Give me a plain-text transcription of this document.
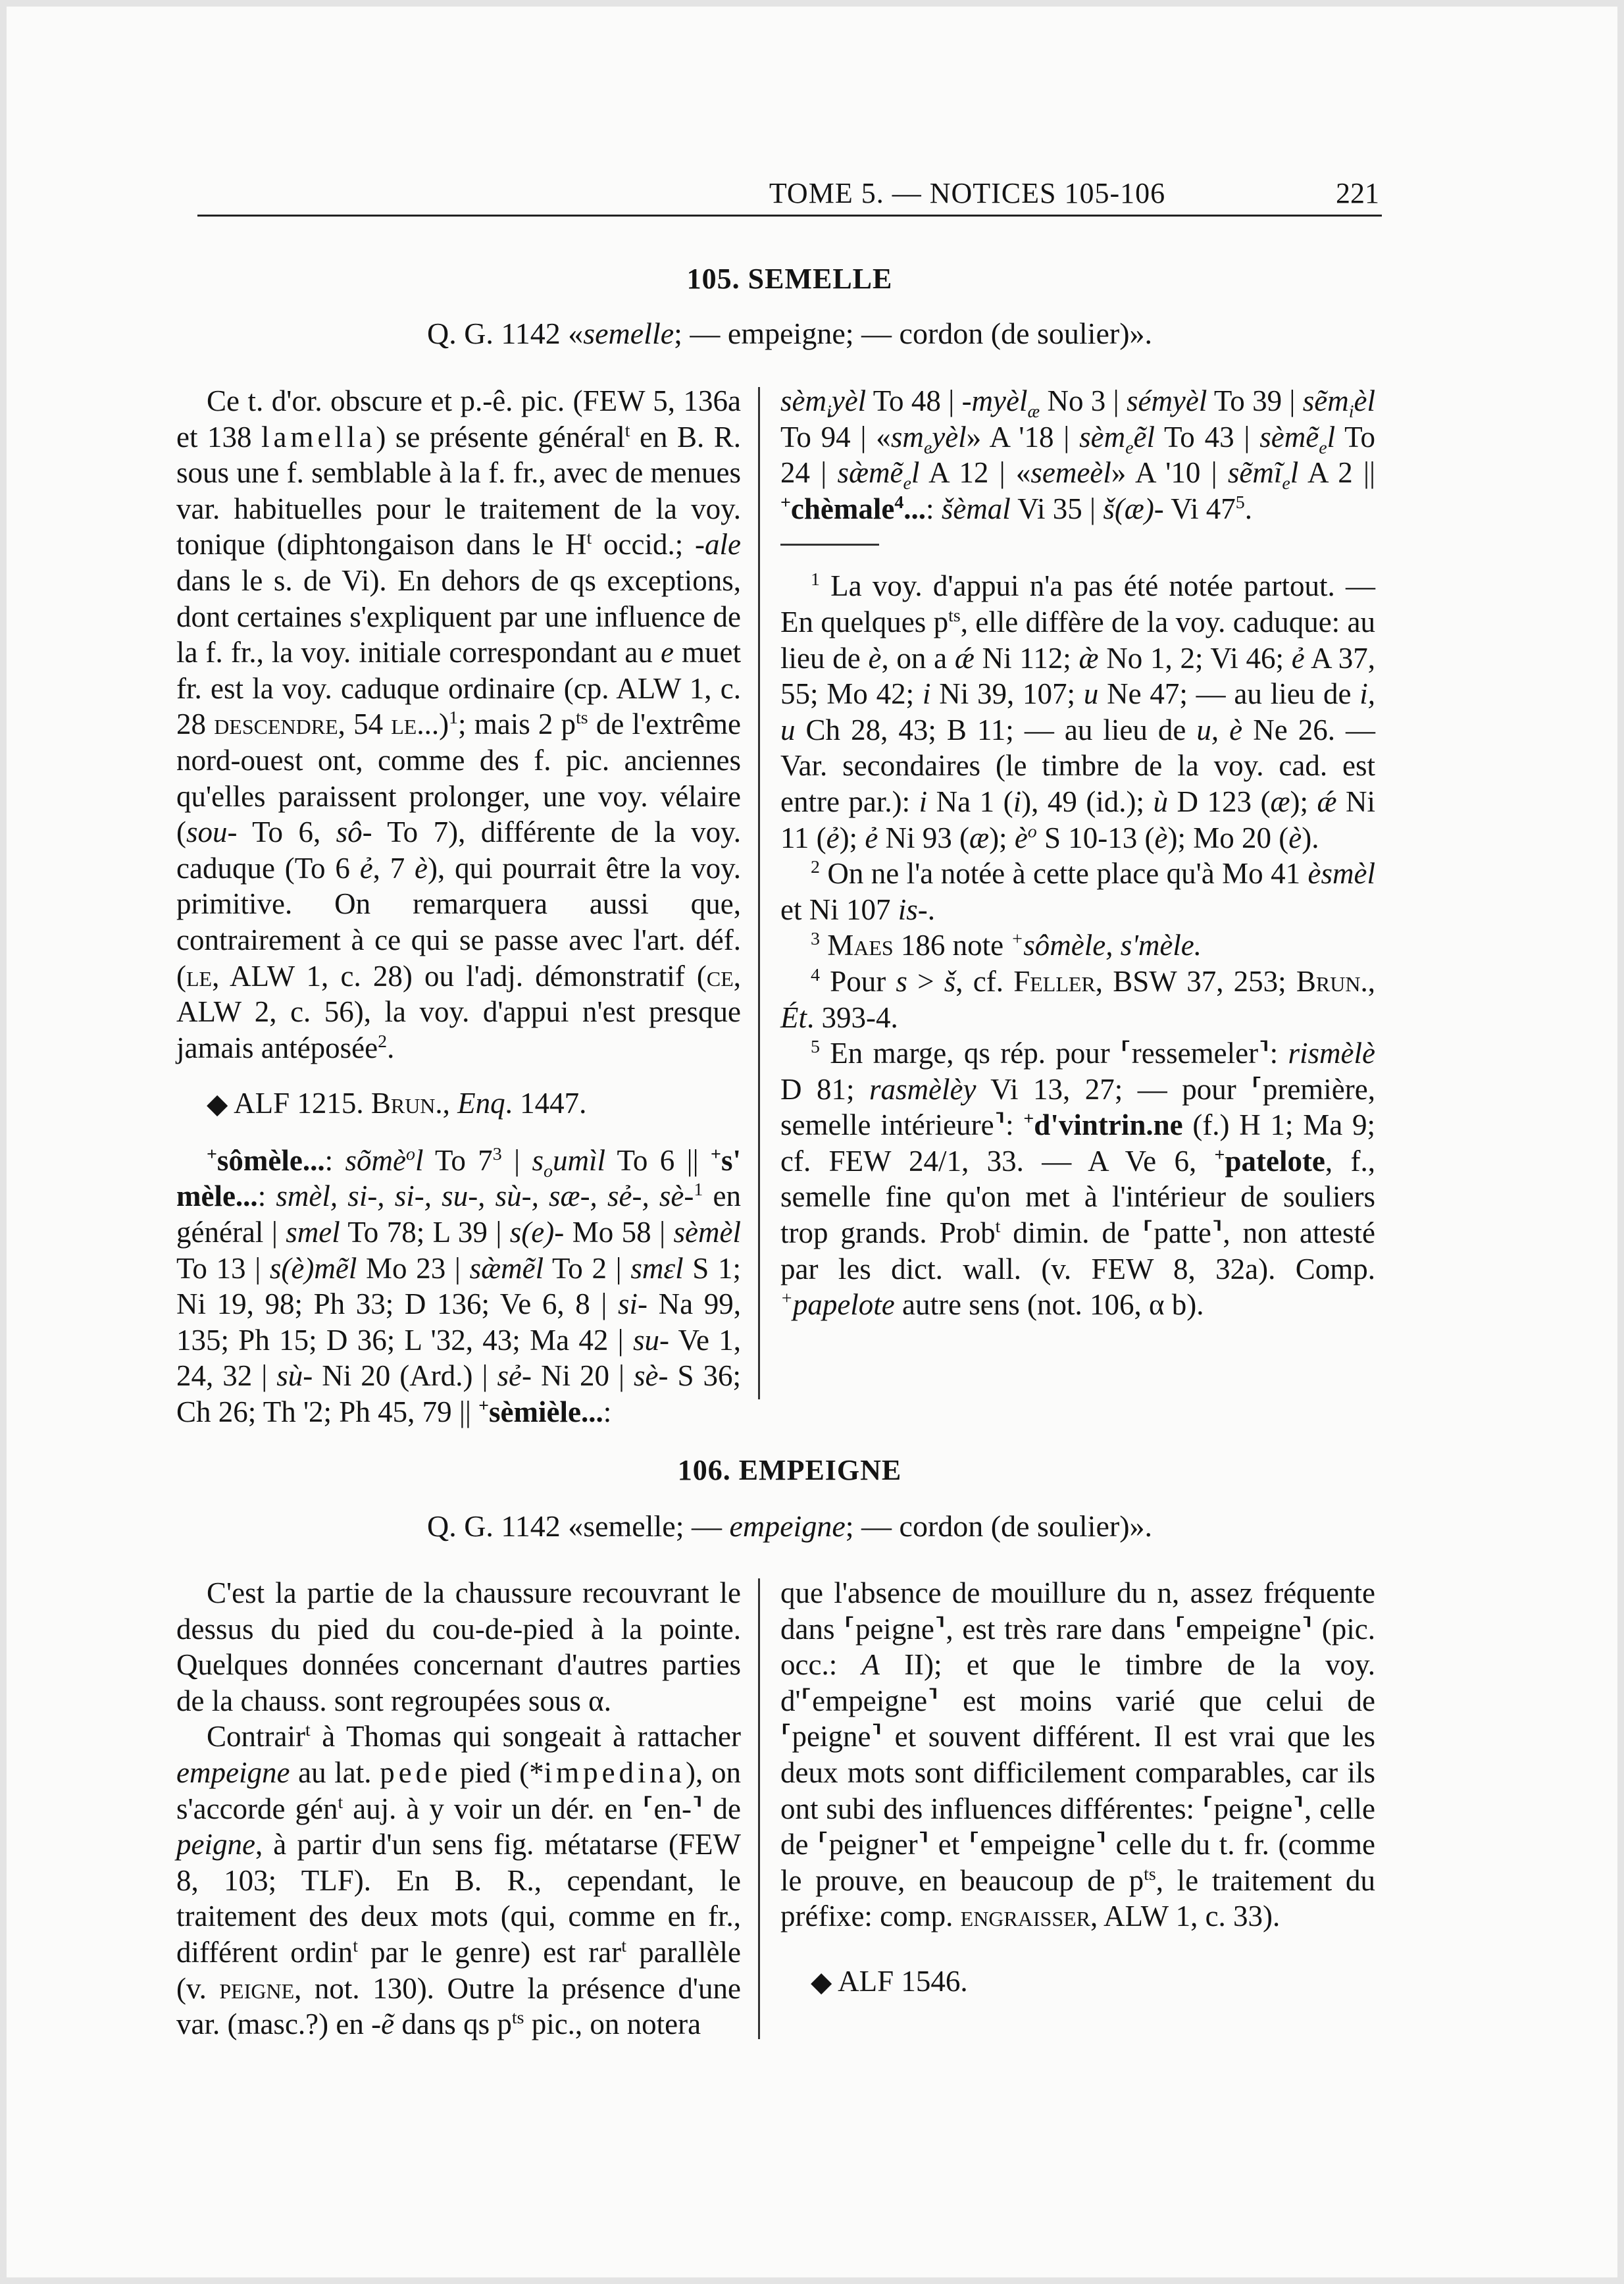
TOME 5. — NOTICES 105-106	221
105. SEMELLE
Q. G. 1142 «semelle; — empeigne; — cordon (de soulier)».

Ce t. d'or. obscure et p.-ê. pic. (FEW 5, 136a et 138 lamella) se présente général$^t$ en B. R. sous une f. semblable à la f. fr., avec de menues var. habituelles pour le traitement de la voy. tonique (diphtongaison dans le $H^t$ occid.; -ale dans le s. de Vi). En dehors de qs exceptions, dont certaines s'expliquent par une influence de la f. fr., la voy. initiale correspondant au e muet fr. est la voy. caduque ordinaire (cp. ALW 1, c. 28 descendre, 54 le...)$^1$; mais 2 $p^{ts}$ de l'extrême nord-ouest ont, comme des f. pic. anciennes qu'elles paraissent prolonger, une voy. vélaire (sou- To 6, sô- To 7), différente de la voy. caduque (To 6 ẻ, 7 è), qui pourrait être la voy. primitive. On remarquera aussi que, contrairement à ce qui se passe avec l'art. déf. (le, ALW 1, c. 28) ou l'adj. démonstratif (ce, ALW 2, c. 56), la voy. d'appui n'est presque jamais antéposée$^2$.

◆ ALF 1215. Brun., Enq. 1447.

+sômèle...: sõmè$^o$l To $7^3$ | $s_oumìl$ To 6 || +s' mèle...: smèl, si-, si-, su-, sù-, sæ-, sẻ-, sè-$^1$ en général | smel To 78; L 39 | s(e)- Mo 58 | sèmèl To 13 | s(è)mẽl Mo 23 | sæ̀mẽl To 2 | smɛl S 1; Ni 19, 98; Ph 33; D 136; Ve 6, 8 | si- Na 99, 135; Ph 15; D 36; L '32, 43; Ma 42 | su- Ve 1, 24, 32 | sù- Ni 20 (Ard.) | sẻ- Ni 20 | sè- S 36; Ch 26; Th '2; Ph 45, 79 || +sèmièle...:

sèm$_i$yèl To 48 | -myèl$_æ$ No 3 | sémyèl To 39 | sẽm$_i$èl To 94 | «$sm_eyèl$» A '18 | sèm$_e$ẽl To 43 | sèmẽ$_e$l To 24 | sæ̀mẽ$_e$l A 12 | «semeèl» A '10 | sẽmĩ$_e$l A 2 || +chèmale$^4$...: šèmal Vi 35 | š(æ)- Vi $47^5$.

$^1$ La voy. d'appui n'a pas été notée partout. — En quelques $p^{ts}$, elle diffère de la voy. caduque: au lieu de è, on a ǽ Ni 112; æ̀ No 1, 2; Vi 46; ẻ A 37, 55; Mo 42; i Ni 39, 107; u Ne 47; — au lieu de i, u Ch 28, 43; B 11; — au lieu de u, è Ne 26. — Var. secondaires (le timbre de la voy. cad. est entre par.): i Na 1 (i), 49 (id.); ù D 123 (æ); ǽ Ni 11 (ẻ); ẻ Ni 93 (æ); $è^o$ S 10-13 (è); Mo 20 (è).

$^2$ On ne l'a notée à cette place qu'à Mo 41 èsmèl et Ni 107 is-.

$^3$ Maes 186 note +sômèle, s'mèle.

$^4$ Pour s > š, cf. Feller, BSW 37, 253; Brun., Ét. 393-4.

$^5$ En marge, qs rép. pour ⸢ressemeler⸣: rismèlè D 81; rasmèlèy Vi 13, 27; — pour ⸢première, semelle intérieure⸣: +d'vintrin.ne (f.) H 1; Ma 9; cf. FEW 24/1, 33. — A Ve 6, +patelote, f., semelle fine qu'on met à l'intérieur de souliers trop grands. Prob$^t$ dimin. de ⸢patte⸣, non attesté par les dict. wall. (v. FEW 8, 32a). Comp. +papelote autre sens (not. 106, α b).

106. EMPEIGNE
Q. G. 1142 «semelle; — empeigne; — cordon (de soulier)».

C'est la partie de la chaussure recouvrant le dessus du pied du cou-de-pied à la pointe. Quelques données concernant d'autres parties de la chauss. sont regroupées sous α.

Contrair$^t$ à Thomas qui songeait à rattacher empeigne au lat. pede pied (*impedina), on s'accorde gén$^t$ auj. à y voir un dér. en ⸢en-⸣ de peigne, à partir d'un sens fig. métatarse (FEW 8, 103; TLF). En B. R., cependant, le traitement des deux mots (qui, comme en fr., différent ordin$^t$ par le genre) est rar$^t$ parallèle (v. peigne, not. 130). Outre la présence d'une var. (masc.?) en -ẽ dans qs $p^{ts}$ pic., on notera

que l'absence de mouillure du n, assez fréquente dans ⸢peigne⸣, est très rare dans ⸢empeigne⸣ (pic. occ.: A II); et que le timbre de la voy. d'⸢empeigne⸣ est moins varié que celui de ⸢peigne⸣ et souvent différent. Il est vrai que les deux mots sont difficilement comparables, car ils ont subi des influences différentes: ⸢peigne⸣, celle de ⸢peigner⸣ et ⸢empeigne⸣ celle du t. fr. (comme le prouve, en beaucoup de $p^{ts}$, le traitement du préfixe: comp. engraisser, ALW 1, c. 33).

◆ ALF 1546.
